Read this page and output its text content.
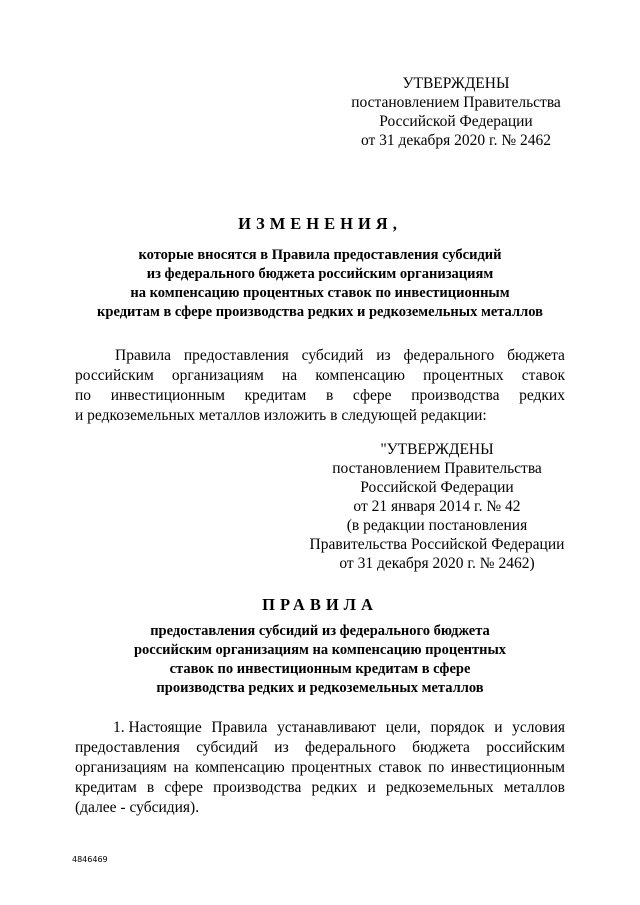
УТВЕРЖДЕНЫ
постановлением Правительства
Российской Федерации
от 31 декабря 2020 г. № 2462
ИЗМЕНЕНИЯ,
которые вносятся в Правила предоставления субсидий
из федерального бюджета российским организациям
на компенсацию процентных ставок по инвестиционным
кредитам в сфере производства редких и редкоземельных металлов
Правила предоставления субсидий из федерального бюджета
российским организациям на компенсацию процентных ставок
по инвестиционным кредитам в сфере производства редких
и редкоземельных металлов изложить в следующей редакции:
"УТВЕРЖДЕНЫ
постановлением Правительства
Российской Федерации
от 21 января 2014 г. № 42
(в редакции постановления
Правительства Российской Федерации
от 31 декабря 2020 г. № 2462)
ПРАВИЛА
предоставления субсидий из федерального бюджета
российским организациям на компенсацию процентных
ставок по инвестиционным кредитам в сфере
производства редких и редкоземельных металлов
1. Настоящие Правила устанавливают цели, порядок и условия
предоставления субсидий из федерального бюджета российским
организациям на компенсацию процентных ставок по инвестиционным
кредитам в сфере производства редких и редкоземельных металлов
(далее - субсидия).
4846469
